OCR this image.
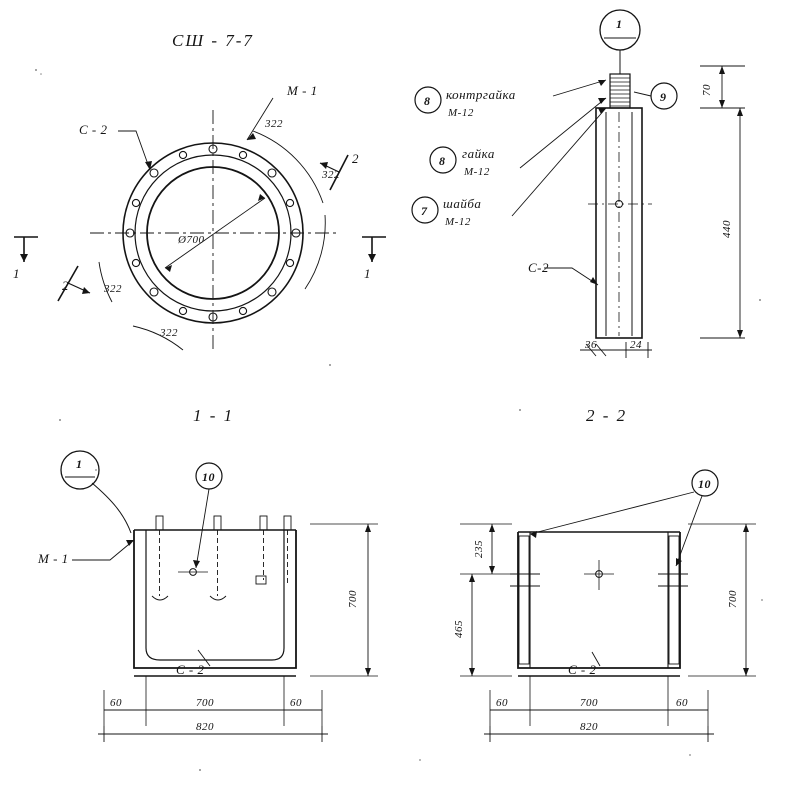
СШ - 7-7
Ø700
М - 1
С - 2	322
322
322
322
1	1
2
2
1
9
8 контргайка
М-12
8 гайка
М-12
7 шайба
М-12
С-2
70
440
36	24
1 - 1	2 - 2
1
10
М - 1
С - 2
700
60	700	60
820
10
С - 2
235
465
700
60	700	60
820
